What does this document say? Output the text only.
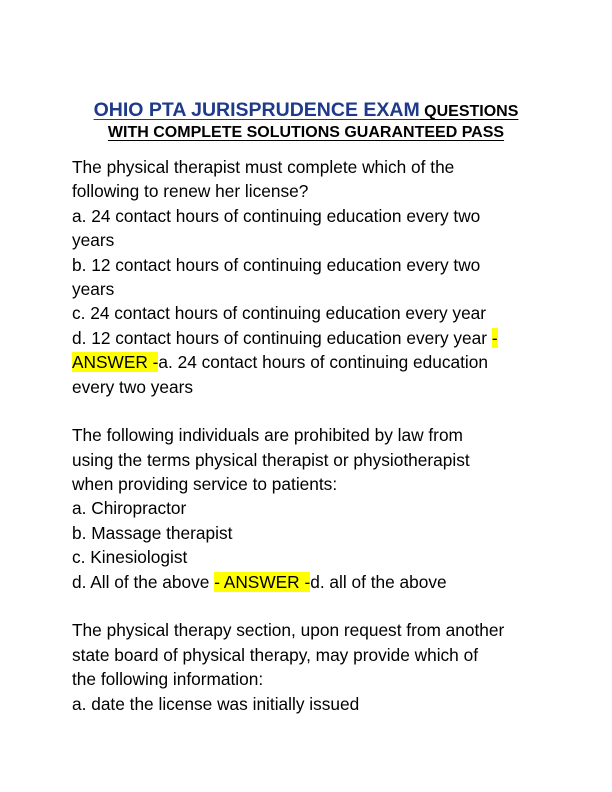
OHIO PTA JURISPRUDENCE EXAM QUESTIONS
WITH COMPLETE SOLUTIONS GUARANTEED PASS
The physical therapist must complete which of the
following to renew her license?
a. 24 contact hours of continuing education every two
years
b. 12 contact hours of continuing education every two
years
c. 24 contact hours of continuing education every year
d. 12 contact hours of continuing education every year -
ANSWER -a. 24 contact hours of continuing education
every two years
The following individuals are prohibited by law from
using the terms physical therapist or physiotherapist
when providing service to patients:
a. Chiropractor
b. Massage therapist
c. Kinesiologist
d. All of the above - ANSWER -d. all of the above
The physical therapy section, upon request from another
state board of physical therapy, may provide which of
the following information:
a. date the license was initially issued
